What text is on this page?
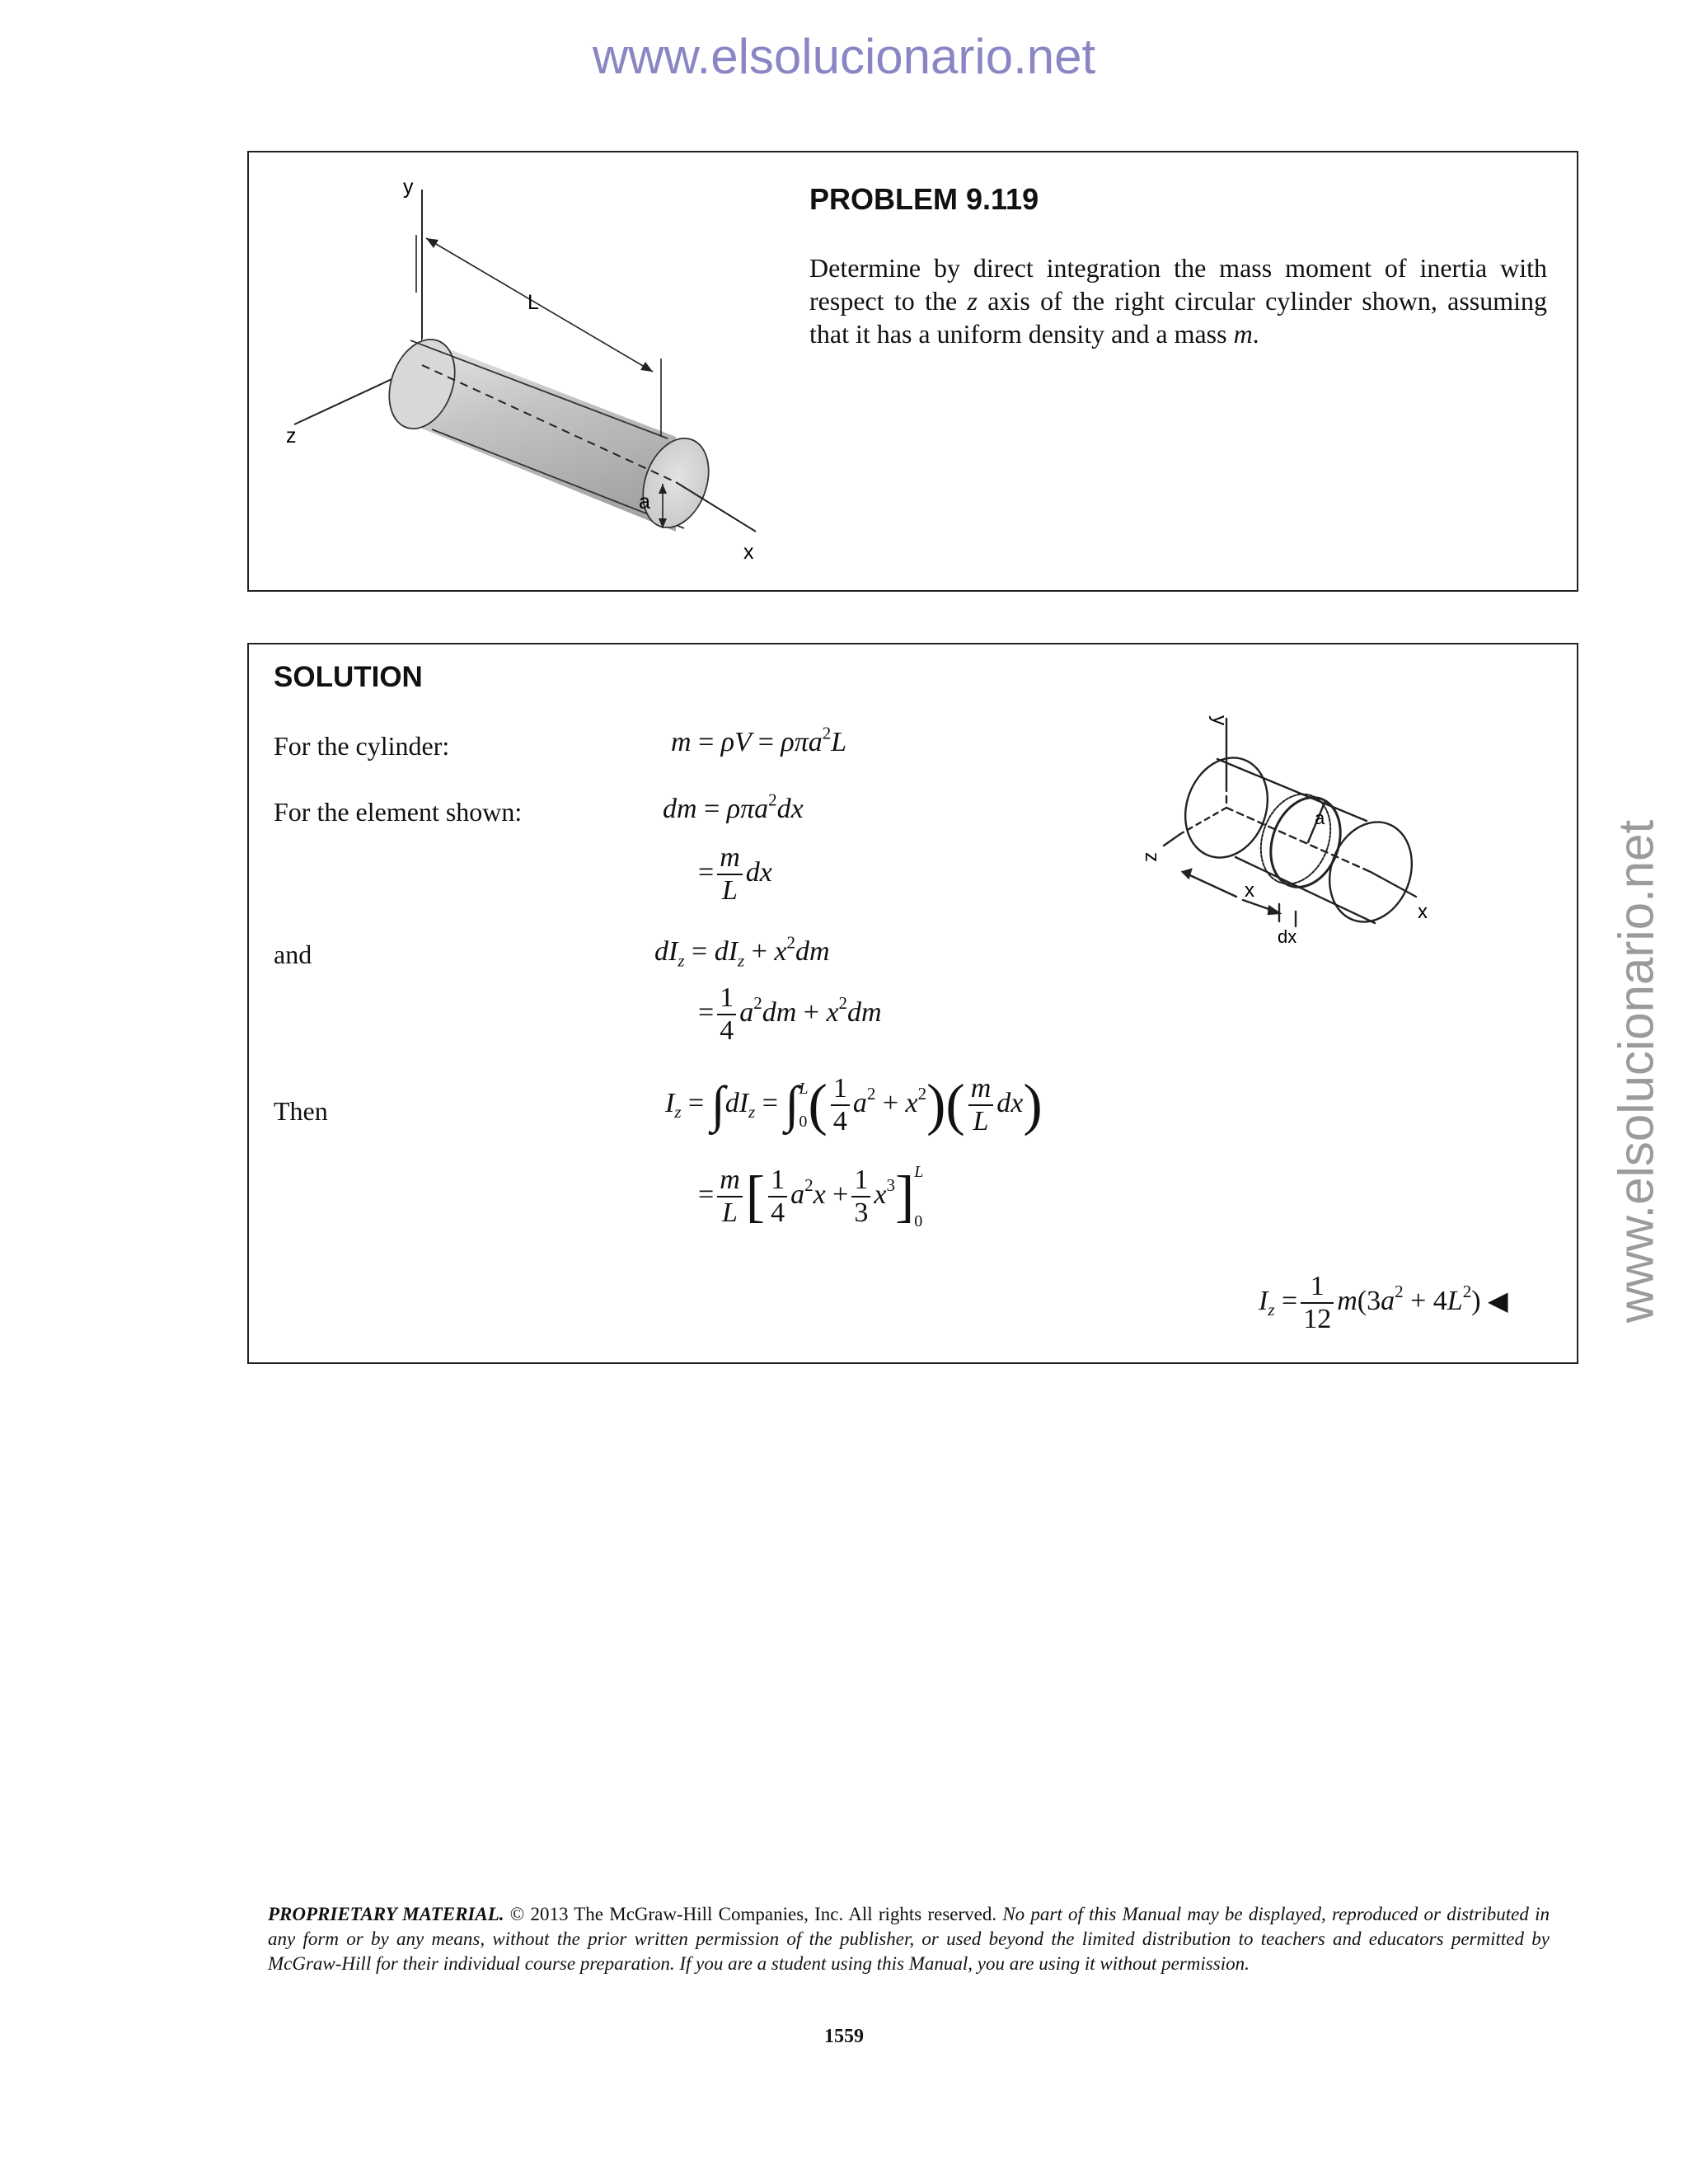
www.elsolucionario.net
www.elsolucionario.net
y
z
x
L
a
PROBLEM 9.119
Determine by direct integration the mass moment of inertia with respect to the z axis of the right circular cylinder shown, assuming that it has a uniform density and a mass m.
SOLUTION
For the cylinder:
For the element shown:
and
Then
m = ρV = ρπa$^2$L
dm = ρπa$^2$dx
= $\frac{m}{L}$ dx
$dI_z = dI_z + x^2dm$
= $\frac{1}{4} a^2dm + x^2dm$
$I_z = \int dI_z$ = ∫ L

0 ( $\frac{1}{4} a^2 + x^2)( \frac{m}{L} dx)$
= $\frac{m}{L}$ [ $\frac{1}{4} a^2x + \frac{1}{3} x^3$] L

0
$I_z = \frac{1}{12} m(3a^2 + 4L^2)$ ◀
y
z
x
dx
a
x
PROPRIETARY MATERIAL. © 2013 The McGraw-Hill Companies, Inc. All rights reserved. No part of this Manual may be displayed, reproduced or distributed in any form or by any means, without the prior written permission of the publisher, or used beyond the limited distribution to teachers and educators permitted by McGraw-Hill for their individual course preparation. If you are a student using this Manual, you are using it without permission.
1559
